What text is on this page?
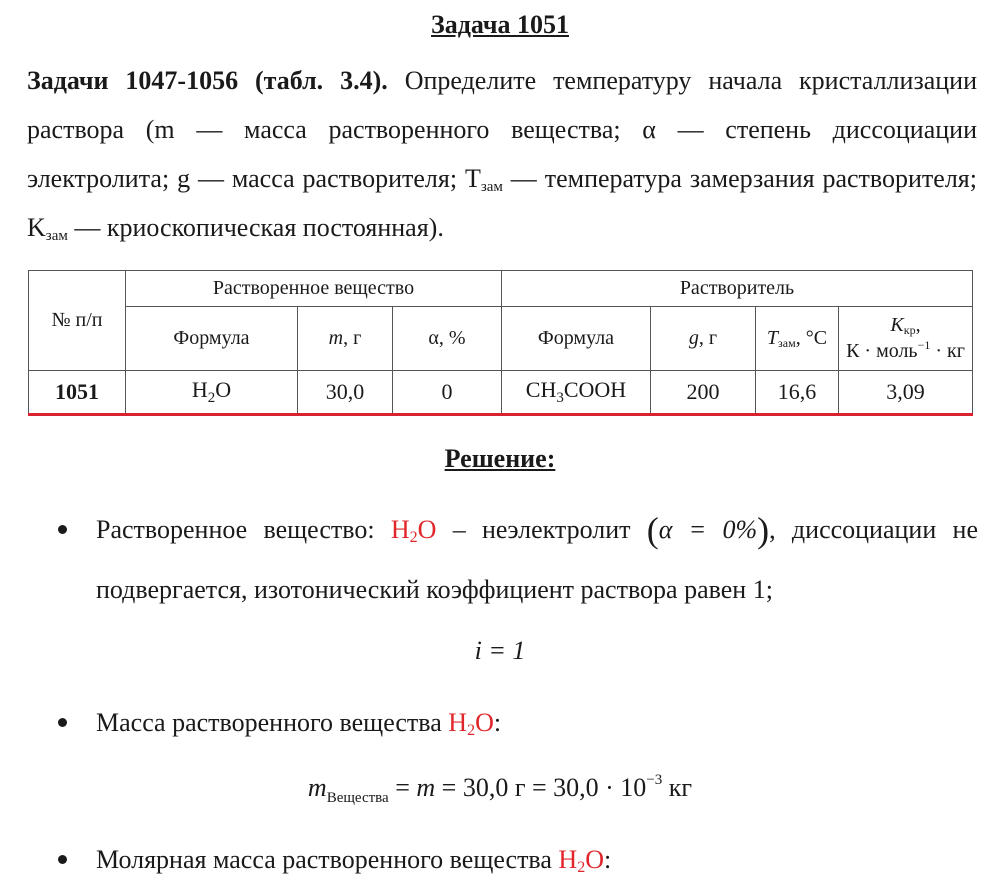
Задача 1051
Задачи 1047-1056 (табл. 3.4). Определите температуру начала кристаллизации раствора (m — масса растворенного вещества; α — степень диссоциации электролита; g — масса растворителя; $T_{зам}$ — температура замерзания растворителя; $K_{зам}$ — криоскопическая постоянная).
№ п/п	Растворенное вещество			Растворитель			
	Формула	m, г	α, %	Формула	g, г	Tзам, °C	Kкр,
К · моль$^{-1}$ · кг

1051	$H_2O$	30,0	0	$CH_3COOH$	200	16,6	3,09
Решение:
Растворенное вещество: $H_2O$ – неэлектролит (α = 0%), диссоциации не подвергается, изотонический коэффициент раствора равен 1;
i = 1
Масса растворенного вещества $H_2O$:
$m_{Вещества} = m = 30,0$ $г = 30,0 \cdot 10^{-3}$ кг
Молярная масса растворенного вещества $H_2O$:
